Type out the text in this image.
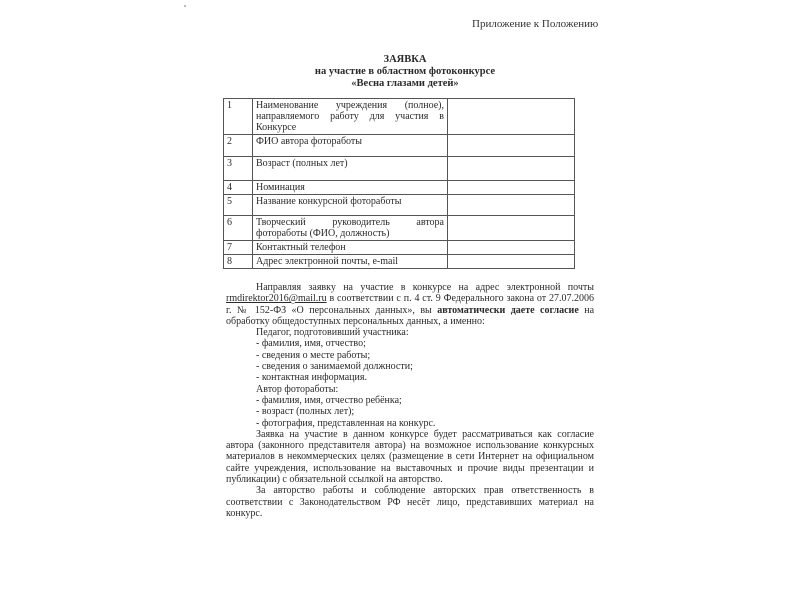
Приложение к Положению
ЗАЯВКА
на участие в областном фотоконкурсе
«Весна глазами детей»
1	Наименование учреждения (полное), направляемого работу для участия в Конкурсе	
2	ФИО автора фотоработы	
3	Возраст (полных лет)	
4	Номинация	
5	Название конкурсной фотоработы	
6	Творческий руководитель автора фотоработы (ФИО, должность)	
7	Контактный телефон	
8	Адрес электронной почты, e-mail	

Направляя заявку на участие в конкурсе на адрес электронной почты rmdirektor2016@mail.ru в соответствии с п. 4 ст. 9 Федерального закона от 27.07.2006 г. № 152-ФЗ «О персональных данных», вы автоматически даете согласие на обработку общедоступных персональных данных, а именно:

Педагог, подготовивший участника:

- фамилия, имя, отчество;

- сведения о месте работы;

- сведения о занимаемой должности;

- контактная информация.

Автор фотоработы:

- фамилия, имя, отчество ребёнка;

- возраст (полных лет);

- фотография, представленная на конкурс.

Заявка на участие в данном конкурсе будет рассматриваться как согласие автора (законного представителя автора) на возможное использование конкурсных материалов в некоммерческих целях (размещение в сети Интернет на официальном сайте учреждения, использование на выставочных и прочие виды презентации и публикации) с обязательной ссылкой на авторство.

За авторство работы и соблюдение авторских прав ответственность в соответствии с Законодательством РФ несёт лицо, представивших материал на конкурс.
